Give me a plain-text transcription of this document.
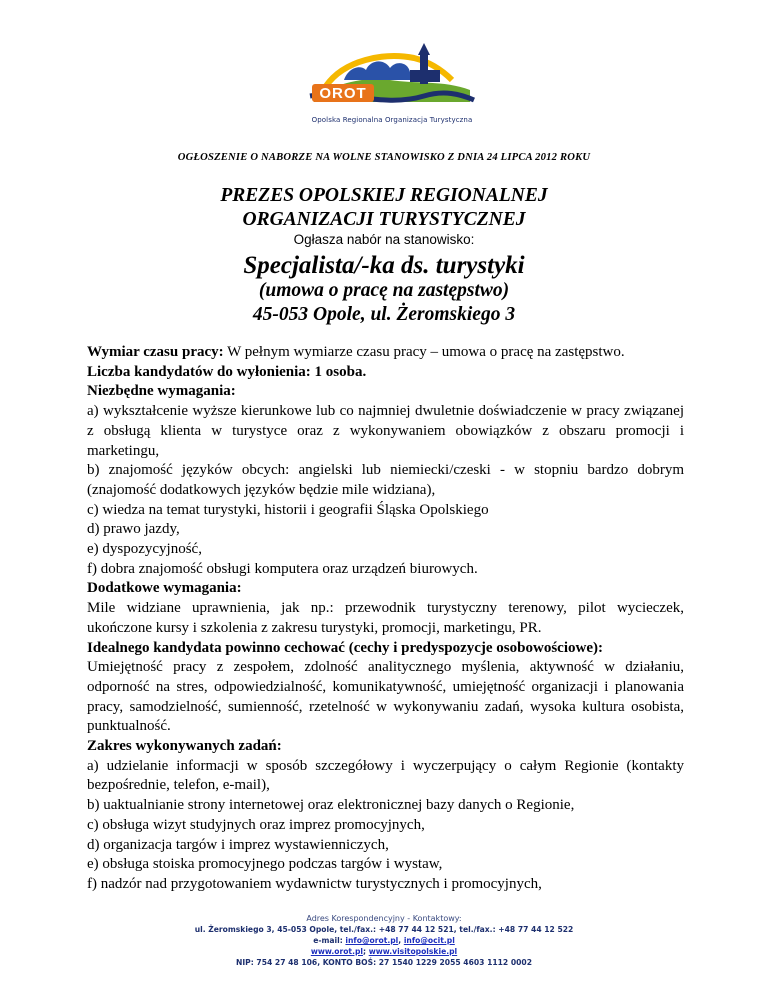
OROT
Opolska Regionalna Organizacja Turystyczna
OGŁOSZENIE O NABORZE NA WOLNE STANOWISKO Z DNIA 24 LIPCA 2012 ROKU
PREZES OPOLSKIEJ REGIONALNEJ
ORGANIZACJI TURYSTYCZNEJ
Ogłasza nabór na stanowisko:
Specjalista/-ka ds. turystyki
(umowa o pracę na zastępstwo)
45-053 Opole, ul. Żeromskiego 3

Wymiar czasu pracy: W pełnym wymiarze czasu pracy – umowa o pracę na zastępstwo.

Liczba kandydatów do wyłonienia: 1 osoba.

Niezbędne wymagania:

a) wykształcenie wyższe kierunkowe lub co najmniej dwuletnie doświadczenie w pracy związanej z obsługą klienta w turystyce oraz z wykonywaniem obowiązków z obszaru promocji i marketingu,

b) znajomość języków obcych: angielski lub niemiecki/czeski - w stopniu bardzo dobrym (znajomość dodatkowych języków będzie mile widziana),

c) wiedza na temat turystyki, historii i geografii Śląska Opolskiego

d) prawo jazdy,

e) dyspozycyjność,

f) dobra znajomość obsługi komputera oraz urządzeń biurowych.

Dodatkowe wymagania:

Mile widziane uprawnienia, jak np.: przewodnik turystyczny terenowy, pilot wycieczek, ukończone kursy i szkolenia z zakresu turystyki, promocji, marketingu, PR.

Idealnego kandydata powinno cechować (cechy i predyspozycje osobowościowe):

Umiejętność pracy z zespołem, zdolność analitycznego myślenia, aktywność w działaniu, odporność na stres, odpowiedzialność, komunikatywność, umiejętność organizacji i planowania pracy, samodzielność, sumienność, rzetelność w wykonywaniu zadań, wysoka kultura osobista, punktualność.

Zakres wykonywanych zadań:

a) udzielanie informacji w sposób szczegółowy i wyczerpujący o całym Regionie (kontakty bezpośrednie, telefon, e-mail),

b) uaktualnianie strony internetowej oraz elektronicznej bazy danych o Regionie,

c) obsługa wizyt studyjnych oraz imprez promocyjnych,

d) organizacja targów i imprez wystawienniczych,

e) obsługa stoiska promocyjnego podczas targów i wystaw,

f) nadzór nad przygotowaniem wydawnictw turystycznych i promocyjnych,

Adres Korespondencyjny - Kontaktowy:
ul. Żeromskiego 3, 45-053 Opole, tel./fax.: +48 77 44 12 521, tel./fax.: +48 77 44 12 522
e-mail: info@orot.pl, info@ocit.pl
www.orot.pl; www.visitopolskie.pl
NIP: 754 27 48 106, KONTO BOŚ: 27 1540 1229 2055 4603 1112 0002
